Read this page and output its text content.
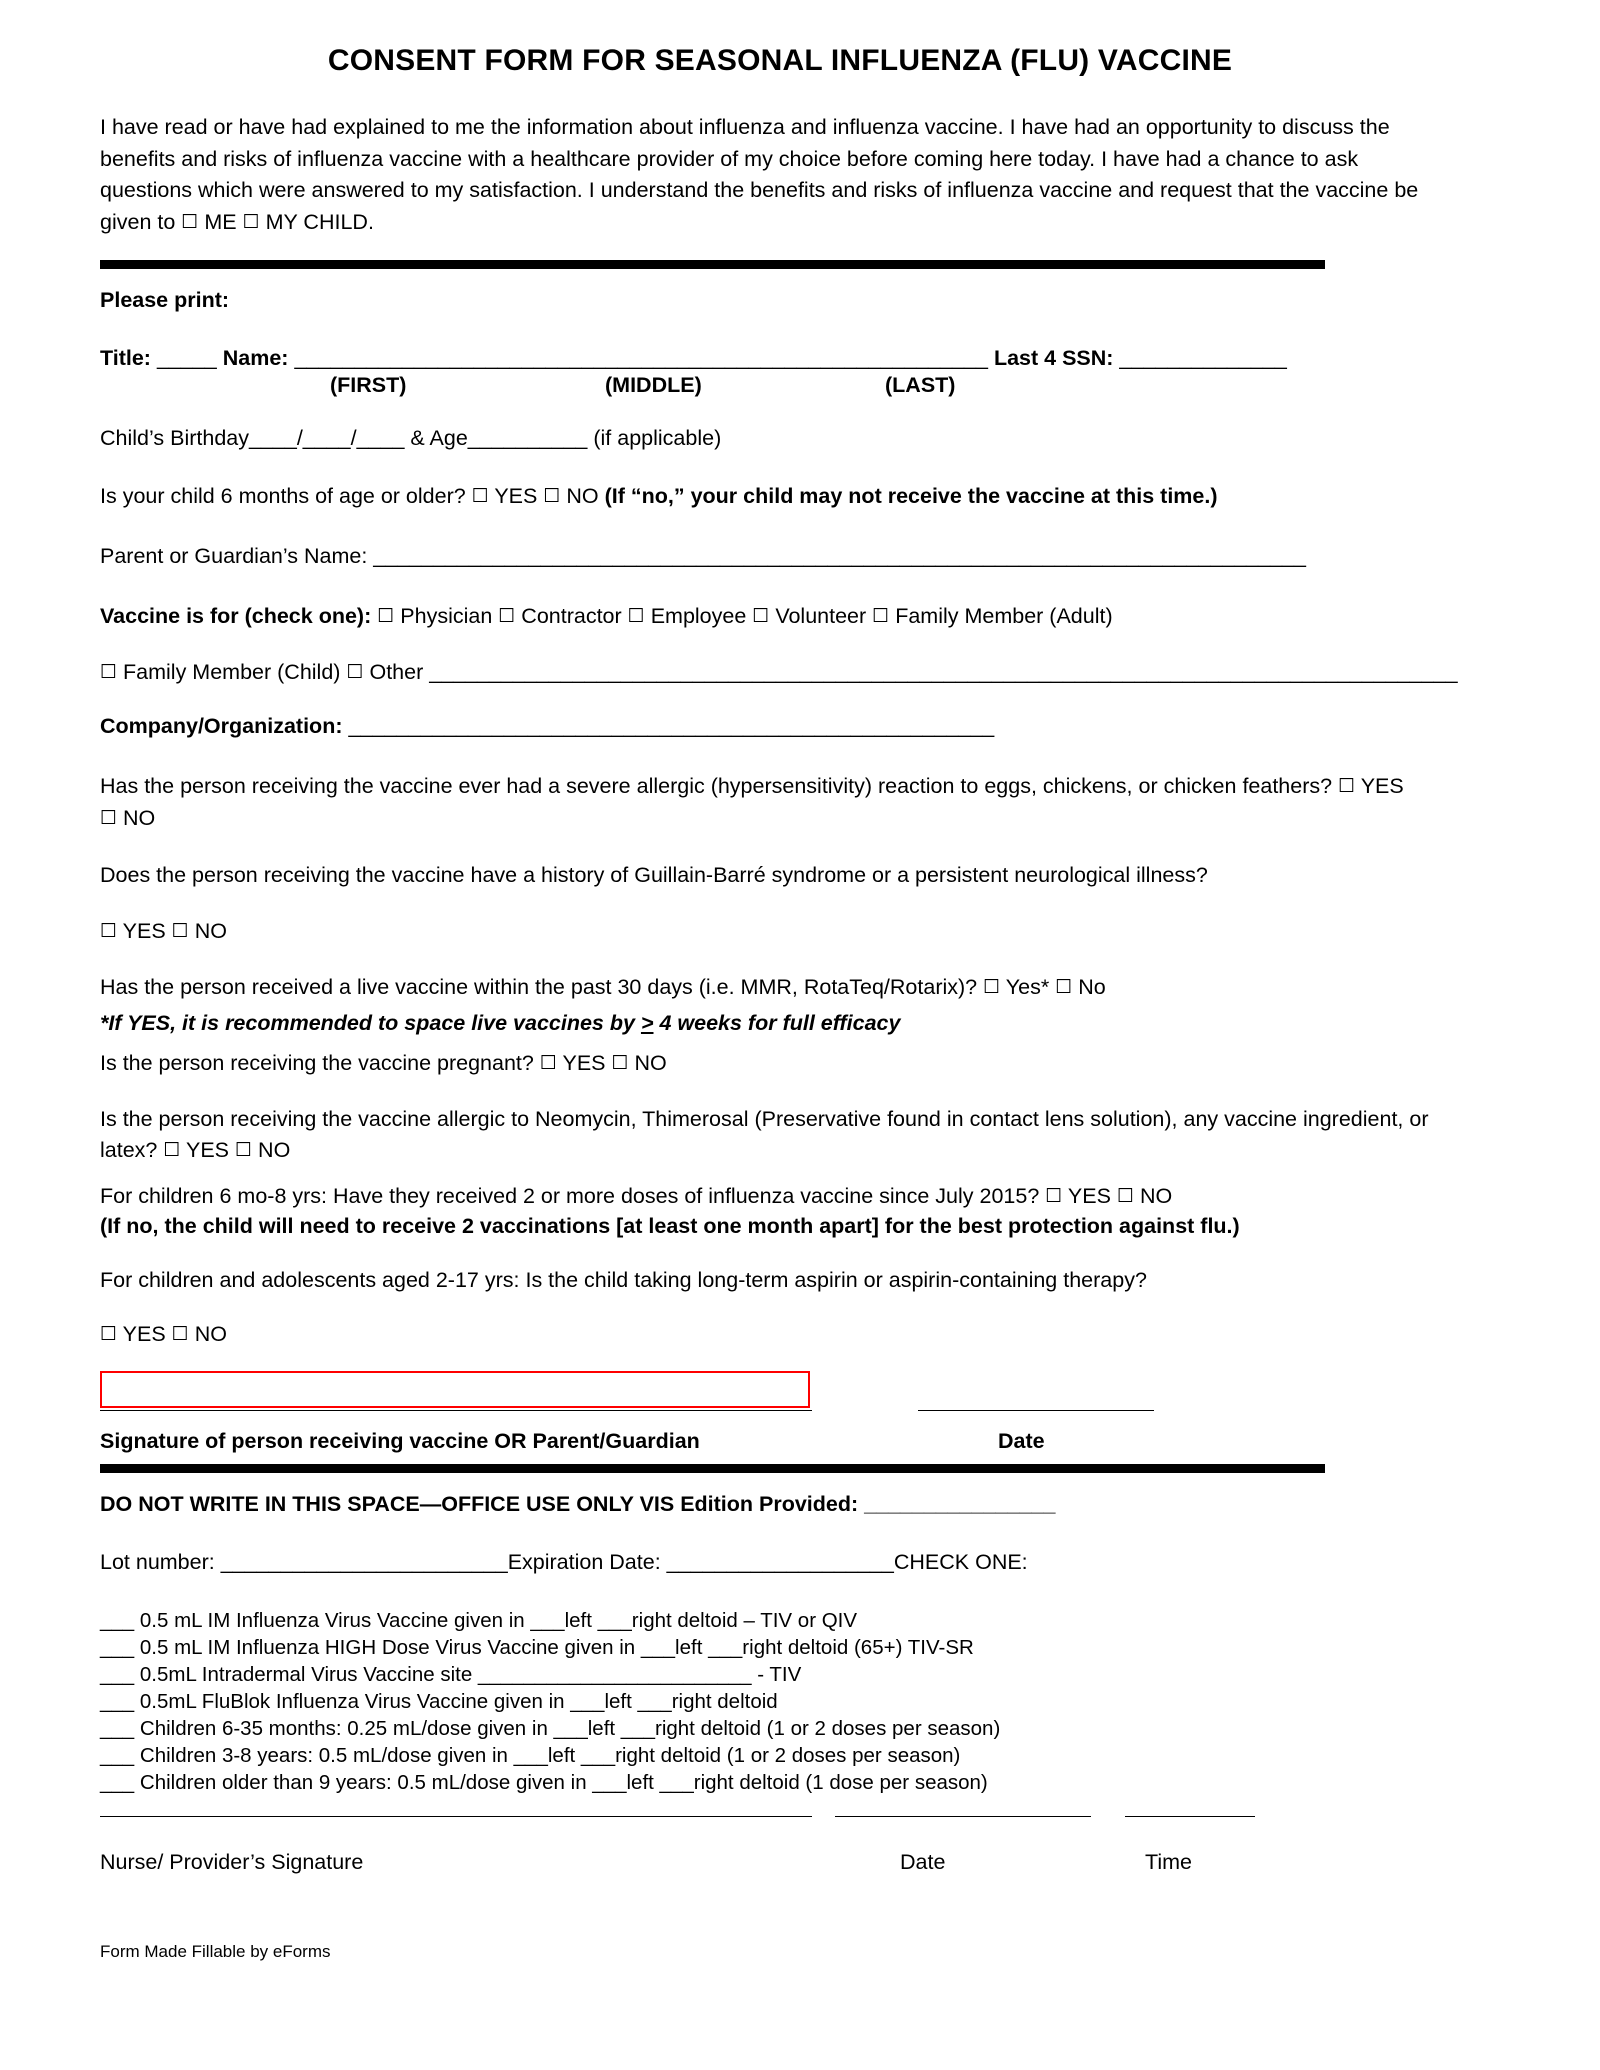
CONSENT FORM FOR SEASONAL INFLUENZA (FLU) VACCINE

I have read or have had explained to me the information about influenza and influenza vaccine. I have had an opportunity to discuss the benefits and risks of influenza vaccine with a healthcare provider of my choice before coming here today. I have had a chance to ask questions which were answered to my satisfaction. I understand the benefits and risks of influenza vaccine and request that the vaccine be given to ☐ ME ☐ MY CHILD.

Please print:
Title: _____ Name: __________________________________________________________ Last 4 SSN: ______________
(FIRST)	(MIDDLE)	(LAST)
Child’s Birthday____/____/____ & Age__________ (if applicable)
Is your child 6 months of age or older? ☐ YES ☐ NO (If “no,” your child may not receive the vaccine at this time.)
Parent or Guardian’s Name: ______________________________________________________________________________
Vaccine is for (check one): ☐ Physician ☐ Contractor ☐ Employee ☐ Volunteer ☐ Family Member (Adult)
☐ Family Member (Child) ☐ Other ______________________________________________________________________________________
Company/Organization: ______________________________________________________

Has the person receiving the vaccine ever had a severe allergic (hypersensitivity) reaction to eggs, chickens, or chicken feathers? ☐ YES ☐ NO

Does the person receiving the vaccine have a history of Guillain-Barré syndrome or a persistent neurological illness?

☐ YES ☐ NO
Has the person received a live vaccine within the past 30 days (i.e. MMR, RotaTeq/Rotarix)? ☐ Yes* ☐ No
*If YES, it is recommended to space live vaccines by ≥ 4 weeks for full efficacy
Is the person receiving the vaccine pregnant? ☐ YES ☐ NO

Is the person receiving the vaccine allergic to Neomycin, Thimerosal (Preservative found in contact lens solution), any vaccine ingredient, or latex? ☐ YES ☐ NO

For children 6 mo-8 yrs: Have they received 2 or more doses of influenza vaccine since July 2015? ☐ YES ☐ NO
(If no, the child will need to receive 2 vaccinations [at least one month apart] for the best protection against flu.)
For children and adolescents aged 2-17 yrs: Is the child taking long-term aspirin or aspirin-containing therapy?
☐ YES ☐ NO
Signature of person receiving vaccine OR Parent/Guardian	Date
DO NOT WRITE IN THIS SPACE—OFFICE USE ONLY VIS Edition Provided: ________________
Lot number: ________________________Expiration Date: ___________________CHECK ONE:
___ 0.5 mL IM Influenza Virus Vaccine given in ___left ___right deltoid – TIV or QIV
___ 0.5 mL IM Influenza HIGH Dose Virus Vaccine given in ___left ___right deltoid (65+) TIV-SR
___ 0.5mL Intradermal Virus Vaccine site ________________________ - TIV
___ 0.5mL FluBlok Influenza Virus Vaccine given in ___left ___right deltoid
___ Children 6-35 months: 0.25 mL/dose given in ___left ___right deltoid (1 or 2 doses per season)
___ Children 3-8 years: 0.5 mL/dose given in ___left ___right deltoid (1 or 2 doses per season)
___ Children older than 9 years: 0.5 mL/dose given in ___left ___right deltoid (1 dose per season)
Nurse/ Provider’s Signature	Date	Time
Form Made Fillable by eForms
